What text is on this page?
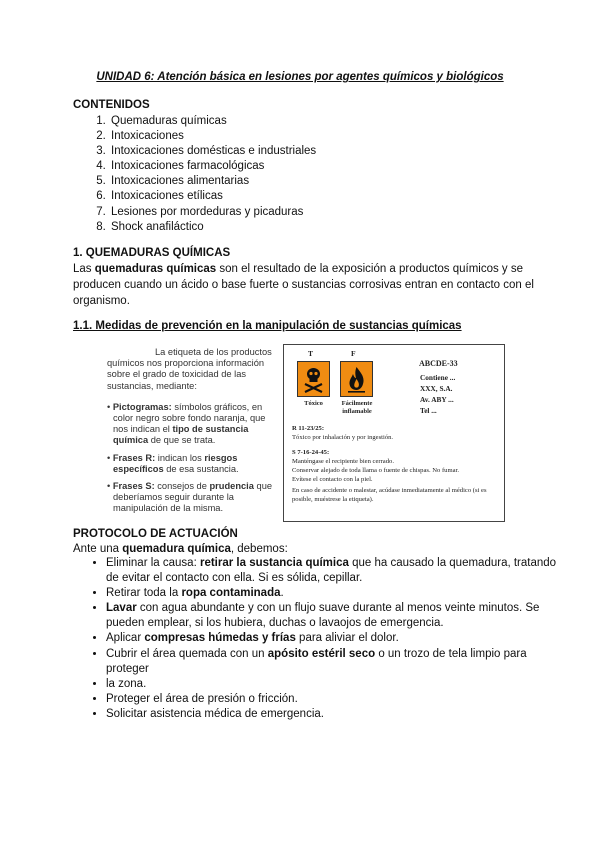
UNIDAD 6: Atención básica en lesiones por agentes químicos y biológicos
CONTENIDOS
1. Quemaduras químicas
2. Intoxicaciones
3. Intoxicaciones domésticas e industriales
4. Intoxicaciones farmacológicas
5. Intoxicaciones alimentarias
6. Intoxicaciones etílicas
7. Lesiones por mordeduras y picaduras
8. Shock anafiláctico
1. QUEMADURAS QUÍMICAS
Las quemaduras químicas son el resultado de la exposición a productos químicos y se producen cuando un ácido o base fuerte o sustancias corrosivas entran en contacto con el organismo.
1.1. Medidas de prevención en la manipulación de sustancias químicas
La etiqueta de los productos químicos nos proporciona información sobre el grado de toxicidad de las sustancias, mediante:
• Pictogramas: símbolos gráficos, en color negro sobre fondo naranja, que nos indican el tipo de sustancia química de que se trata.
• Frases R: indican los riesgos específicos de esa sustancia.
• Frases S: consejos de prudencia que deberíamos seguir durante la manipulación de la misma.
T	F
Tóxico	Fácilmente inflamable
ABCDE-33
Contiene ...
XXX, S.A.
Av. ABY ...
Tel ...
R 11-23/25:
Tóxico por inhalación y por ingestión.
S 7-16-24-45:
Manténgase el recipiente bien cerrado.
Conservar alejado de toda llama o fuente de chispas. No fumar.
Evítese el contacto con la piel.
En caso de accidente o malestar, acúdase inmediatamente al médico (si es posible, muéstrese la etiqueta).
PROTOCOLO DE ACTUACIÓN
Ante una quemadura química, debemos:
• Eliminar la causa: retirar la sustancia química que ha causado la quemadura, tratando de evitar el contacto con ella. Si es sólida, cepillar.
• Retirar toda la ropa contaminada.
• Lavar con agua abundante y con un flujo suave durante al menos veinte minutos. Se pueden emplear, si los hubiera, duchas o lavaojos de emergencia.
• Aplicar compresas húmedas y frías para aliviar el dolor.
• Cubrir el área quemada con un apósito estéril seco o un trozo de tela limpio para proteger
• la zona.
• Proteger el área de presión o fricción.
• Solicitar asistencia médica de emergencia.
